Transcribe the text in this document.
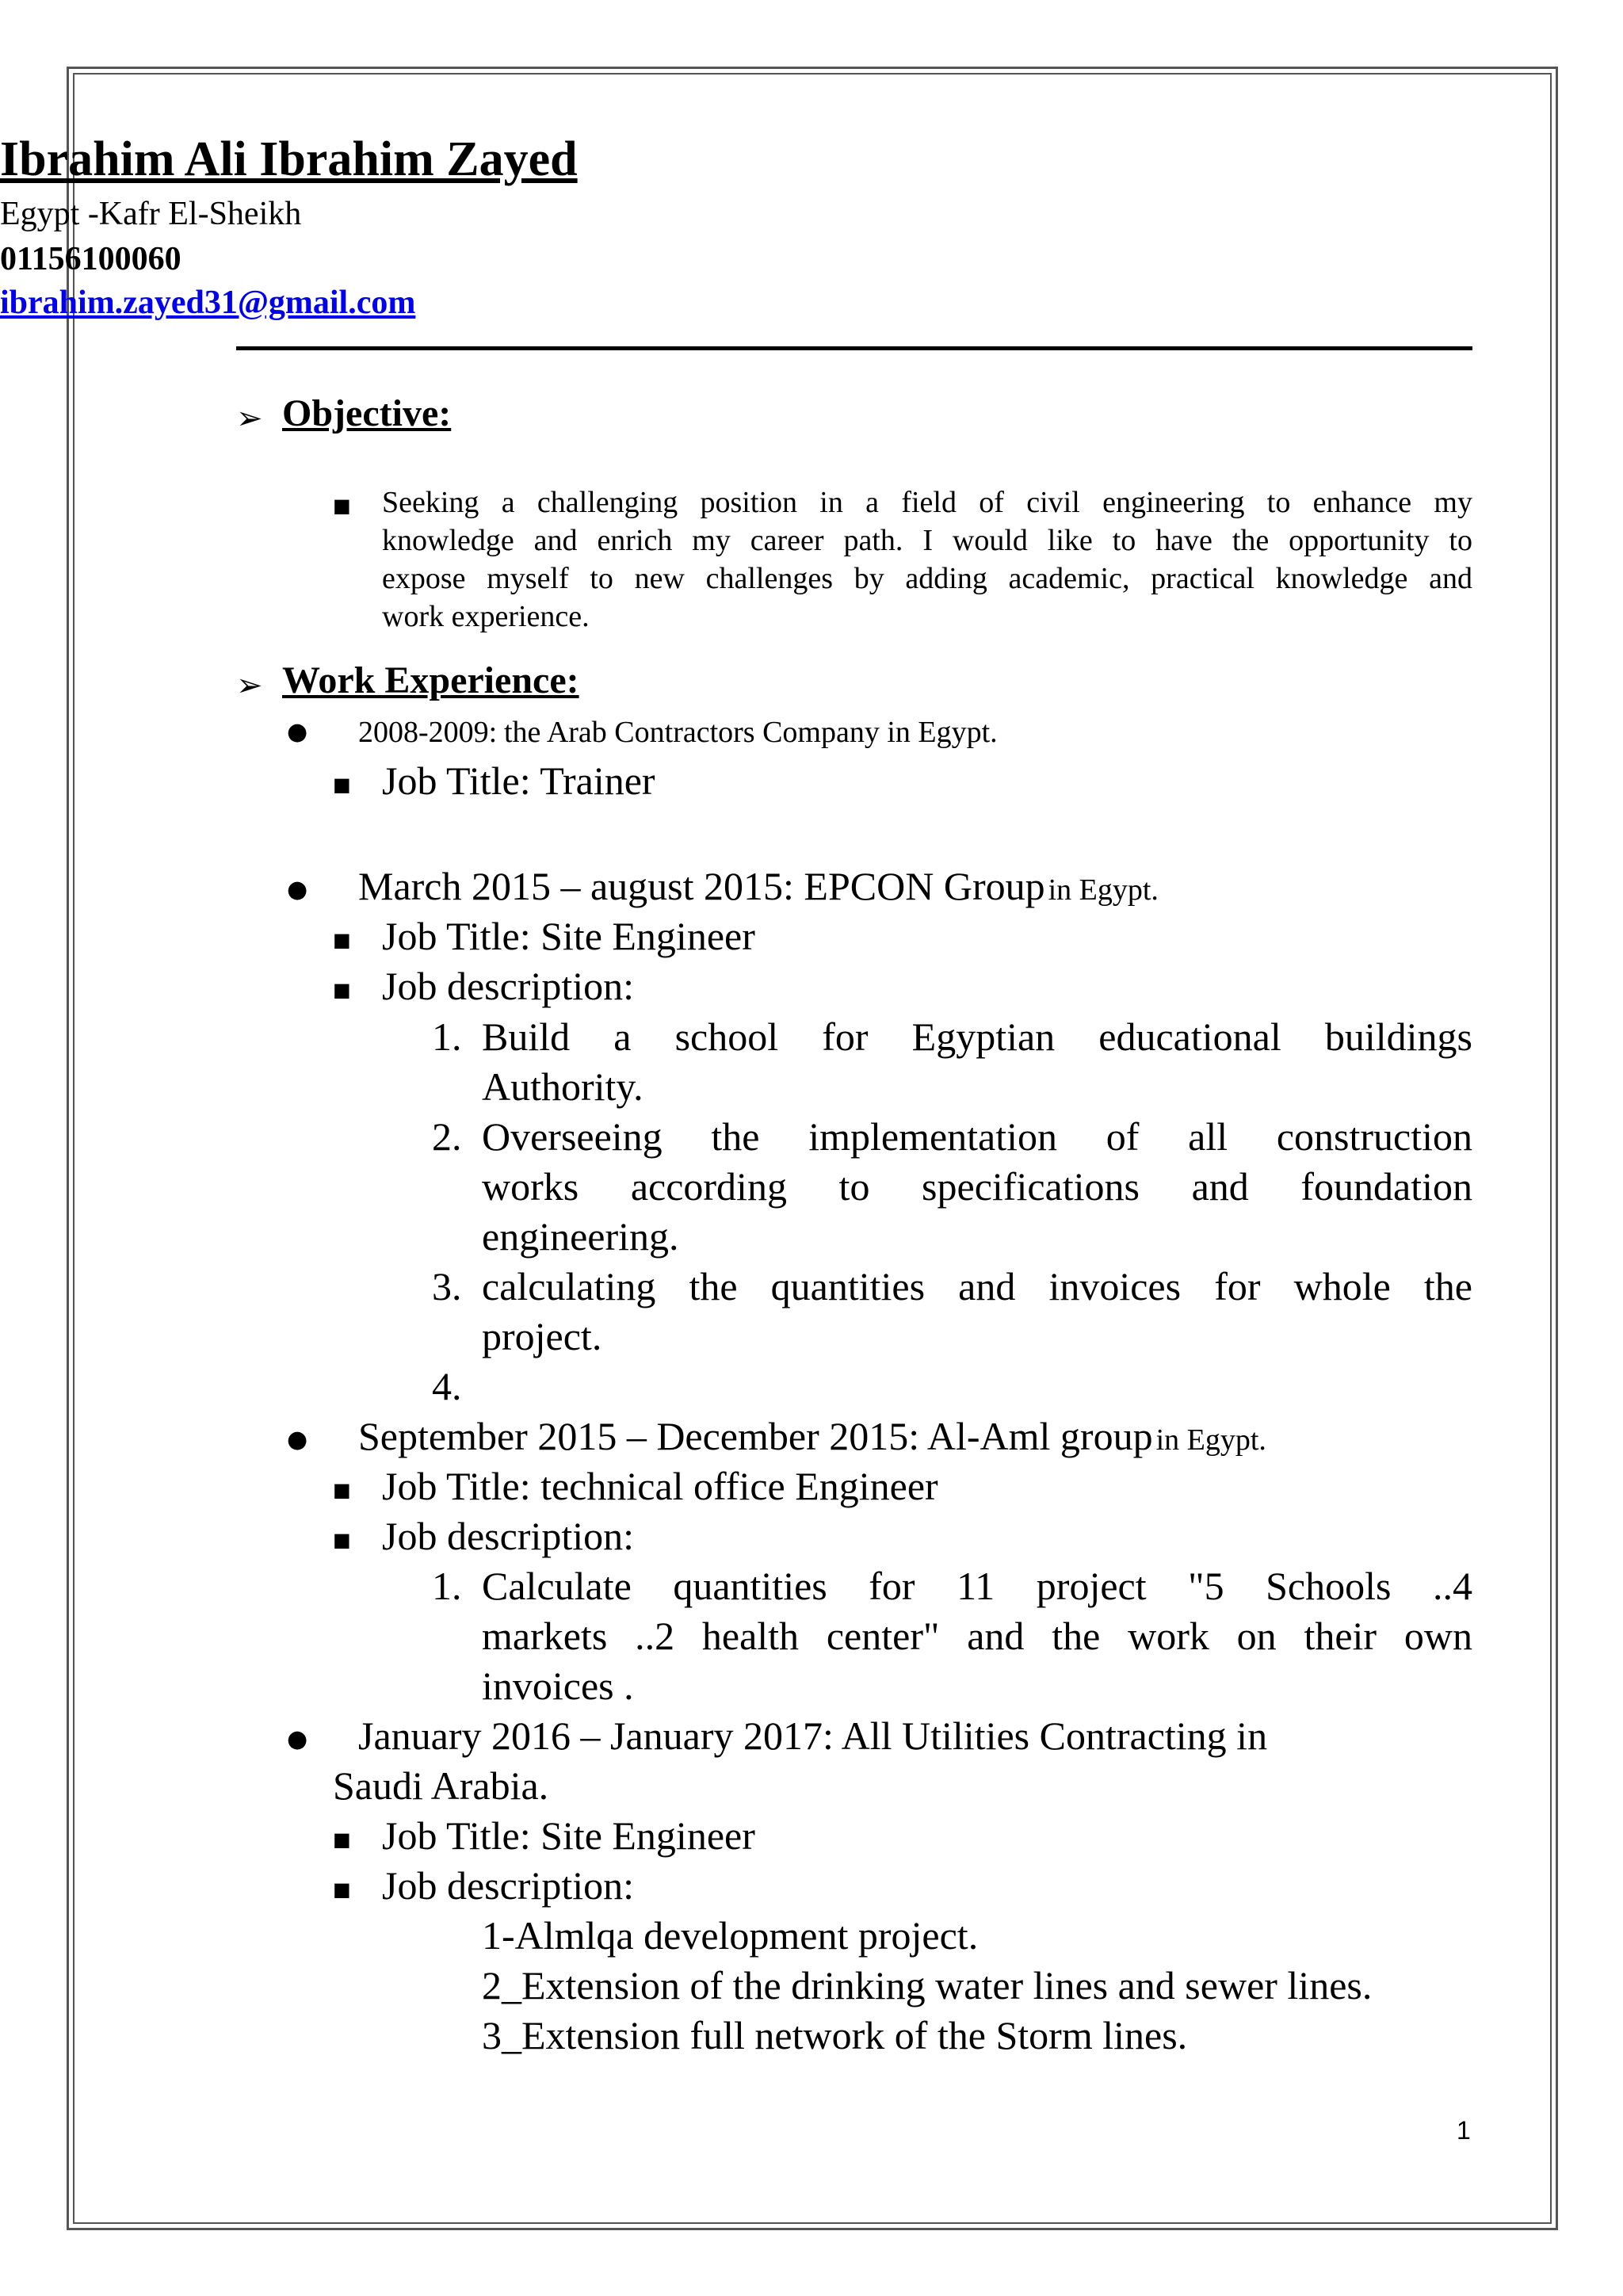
Ibrahim Ali Ibrahim Zayed
Egypt -Kafr El-Sheikh
01156100060
ibrahim.zayed31@gmail.com
➢ Objective:
■ Seeking a challenging position in a field of civil engineering to enhance my
knowledge and enrich my career path. I would like to have the opportunity to
expose myself to new challenges by adding academic, practical knowledge and
work experience.
➢ Work Experience:
● 2008-2009: the Arab Contractors Company in Egypt.
■ Job Title: Trainer
● March 2015 – august 2015: EPCON Group in Egypt.
■ Job Title: Site Engineer
■ Job description:
1. Build a school for Egyptian educational buildings
Authority.
2. Overseeing the implementation of all construction
works according to specifications and foundation
engineering.
3. calculating the quantities and invoices for whole the
project.
4.
● September 2015 – December 2015: Al-Aml group in Egypt.
■ Job Title: technical office Engineer
■ Job description:
1. Calculate quantities for 11 project "5 Schools ..4
markets ..2 health center" and the work on their own
invoices .
● January 2016 – January 2017: All Utilities Contracting in
Saudi Arabia.
■ Job Title: Site Engineer
■ Job description:
1-Almlqa development project.
2_Extension of the drinking water lines and sewer lines.
3_Extension full network of the Storm lines.
1
